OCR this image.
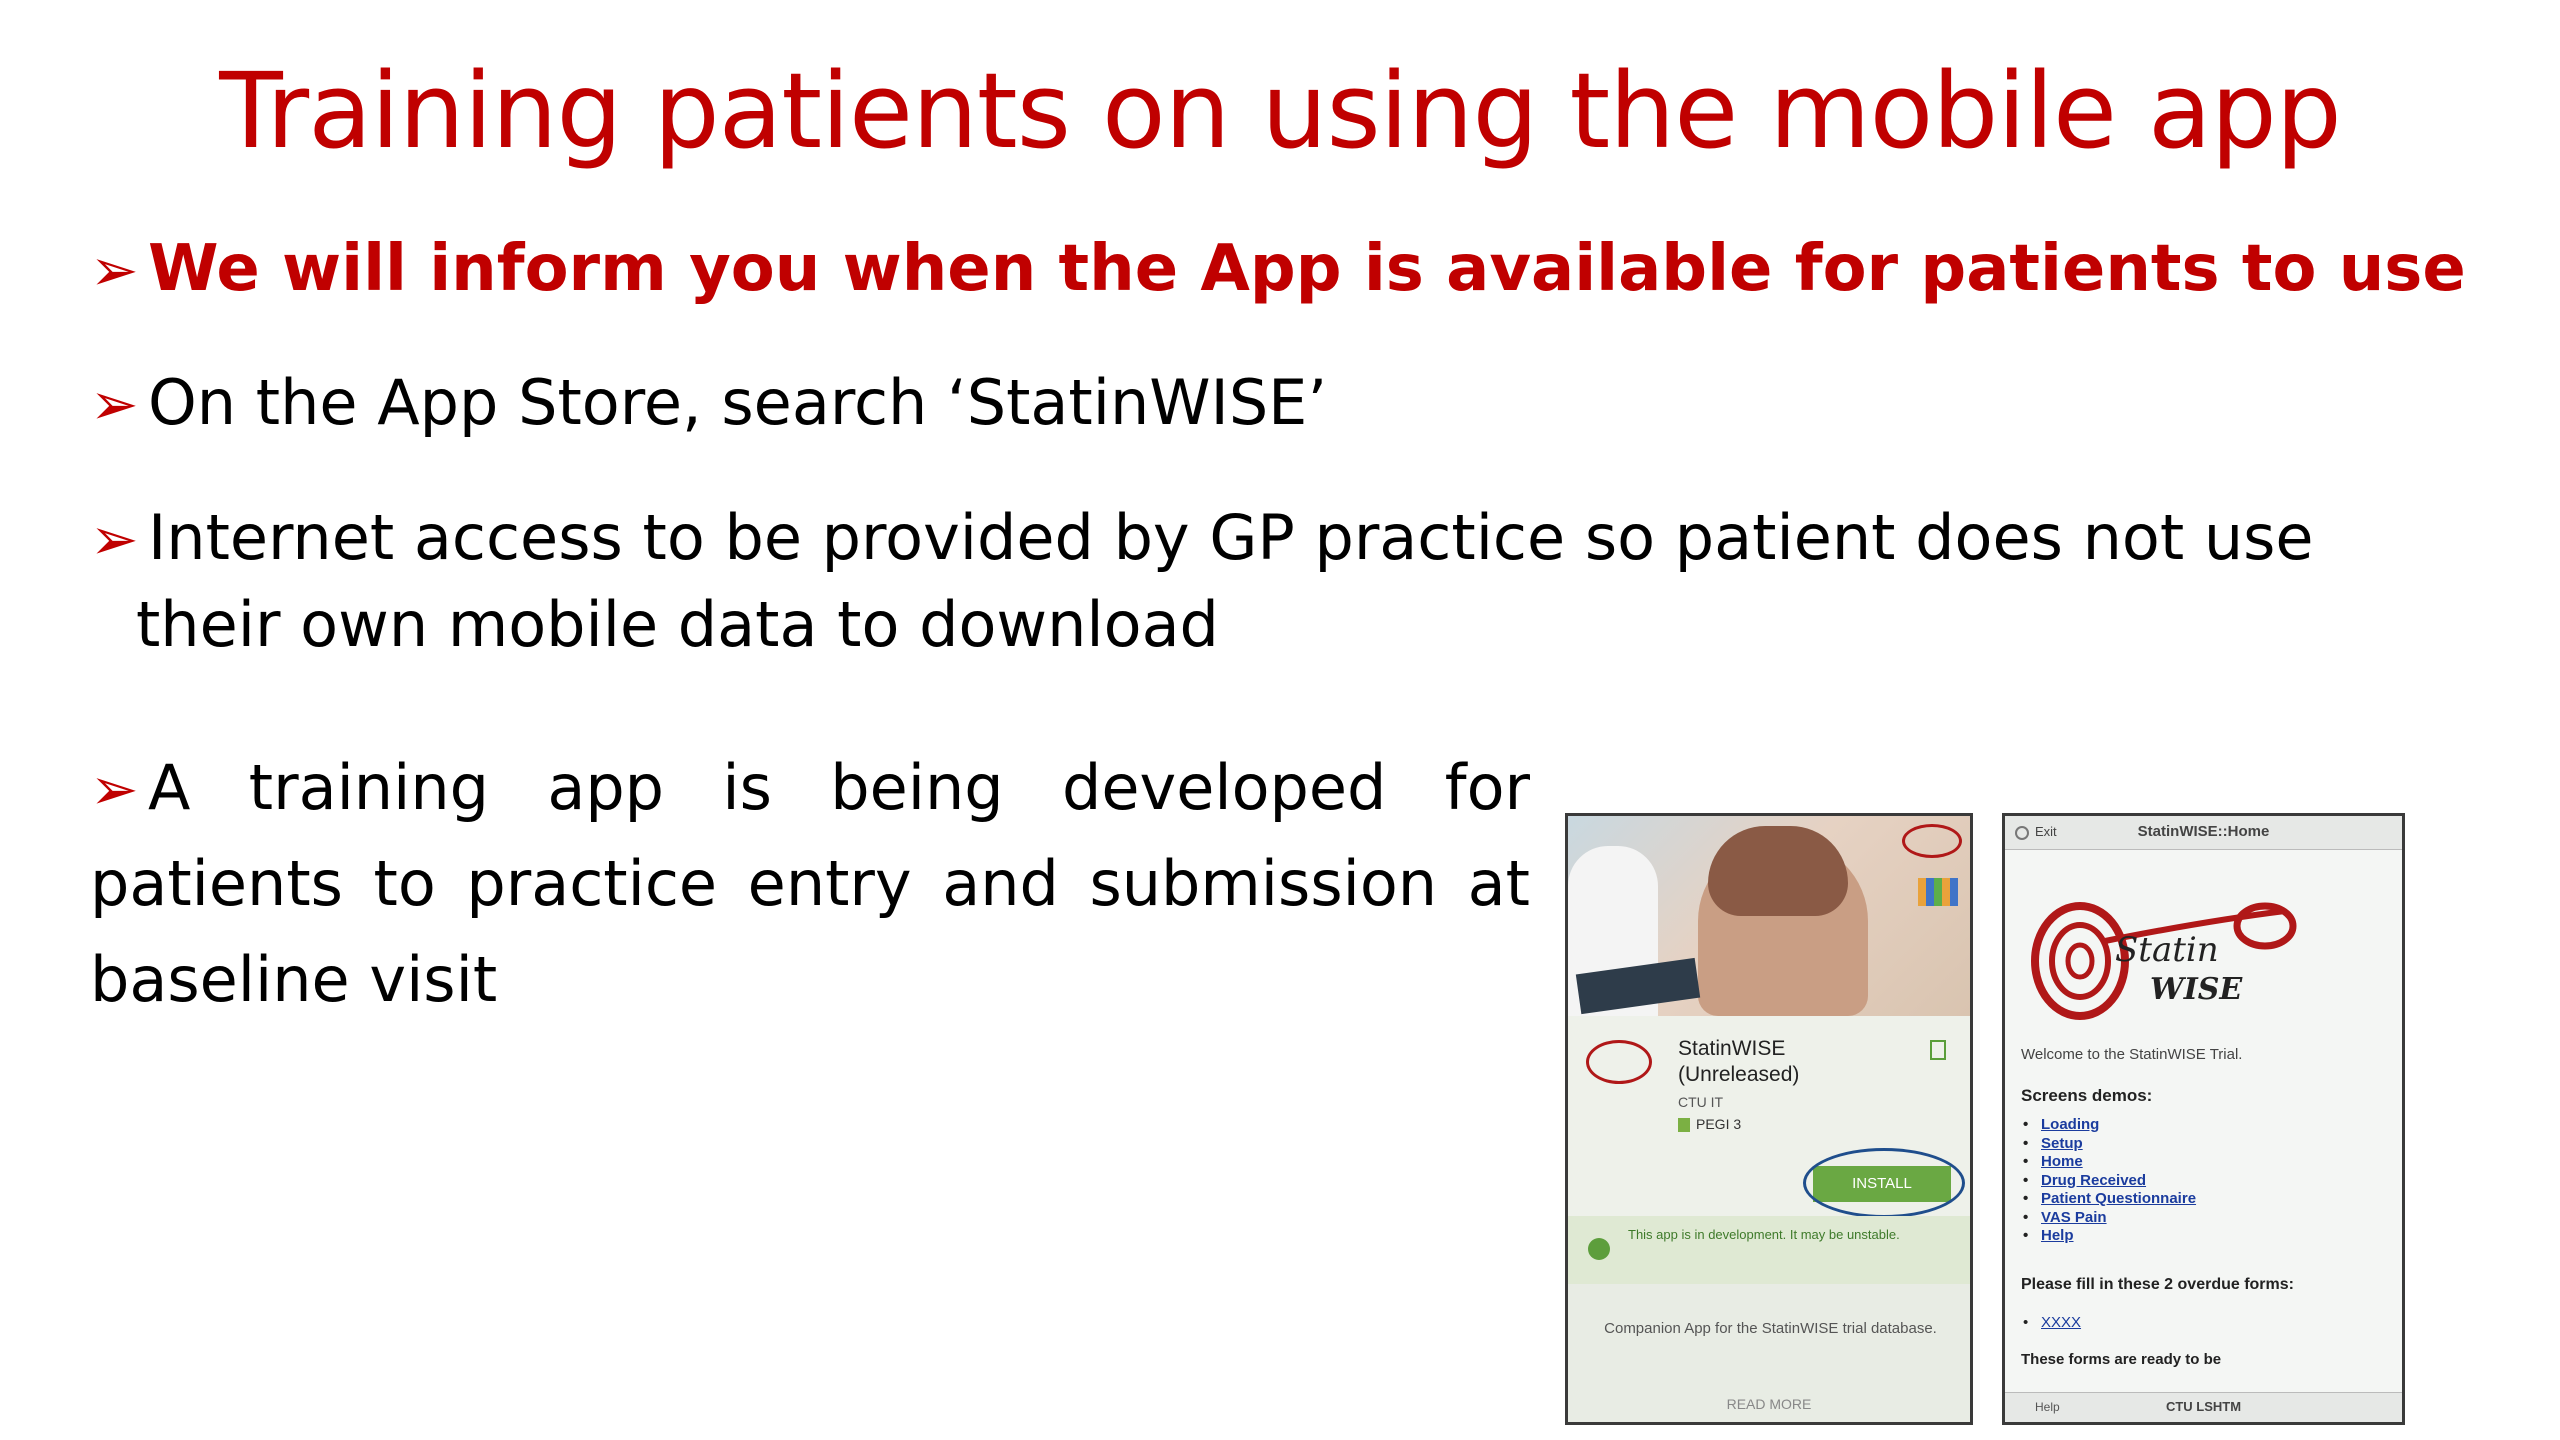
Training patients on using the mobile app
➢ We will inform you when the App is available for patients to use
➢ On the App Store, search ‘StatinWISE’
➢ Internet access to be provided by GP practice so patient does not use
their own mobile data to download
➢ A training app is being developed for patients to practice entry and submission at baseline visit
StatinWISE
(Unreleased)
CTU IT
PEGI 3
INSTALL
This app is in development. It may be unstable.
Companion App for the StatinWISE trial database.
READ MORE
Exit	StatinWISE::Home
Statin
WISE
Welcome to the StatinWISE Trial.
Screens demos:
• Loading
• Setup
• Home
• Drug Received
• Patient Questionnaire
• VAS Pain
• Help
Please fill in these 2 overdue forms:
• XXXX
These forms are ready to be
Help	CTU LSHTM
